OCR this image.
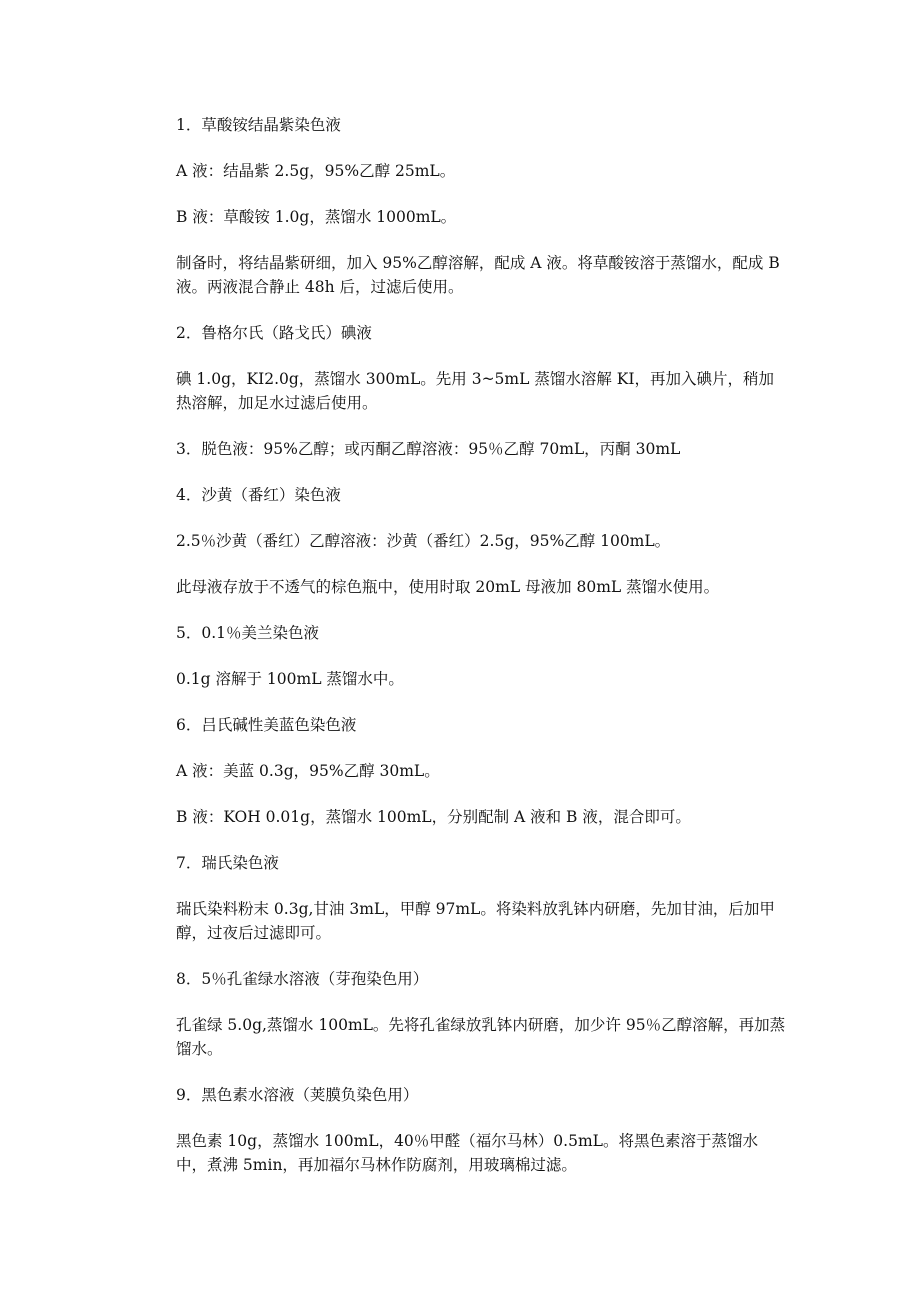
1．草酸铵结晶紫染色液

A 液：结晶紫 2.5g，95%乙醇 25mL。

B 液：草酸铵 1.0g，蒸馏水 1000mL。

制备时，将结晶紫研细，加入 95%乙醇溶解，配成 A 液。将草酸铵溶于蒸馏水，配成 B 液。两液混合静止 48h 后，过滤后使用。

2．鲁格尔氏（路戈氏）碘液

碘 1.0g，KI2.0g，蒸馏水 300mL。先用 3~5mL 蒸馏水溶解 KI，再加入碘片，稍加热溶解，加足水过滤后使用。

3．脱色液：95%乙醇；或丙酮乙醇溶液：95％乙醇 70mL，丙酮 30mL

4．沙黄（番红）染色液

2.5％沙黄（番红）乙醇溶液：沙黄（番红）2.5g，95%乙醇 100mL。

此母液存放于不透气的棕色瓶中，使用时取 20mL 母液加 80mL 蒸馏水使用。

5．0.1％美兰染色液

0.1g 溶解于 100mL 蒸馏水中。

6．吕氏碱性美蓝色染色液

A 液：美蓝 0.3g，95%乙醇 30mL。

B 液：KOH 0.01g，蒸馏水 100mL，分别配制 A 液和 B 液，混合即可。

7．瑞氏染色液

瑞氏染料粉末 0.3g,甘油 3mL，甲醇 97mL。将染料放乳钵内研磨，先加甘油，后加甲醇，过夜后过滤即可。

8．5％孔雀绿水溶液（芽孢染色用）

孔雀绿 5.0g,蒸馏水 100mL。先将孔雀绿放乳钵内研磨，加少许 95％乙醇溶解，再加蒸馏水。

9．黑色素水溶液（荚膜负染色用）

黑色素 10g，蒸馏水 100mL，40％甲醛（福尔马林）0.5mL。将黑色素溶于蒸馏水中，煮沸 5min，再加福尔马林作防腐剂，用玻璃棉过滤。
